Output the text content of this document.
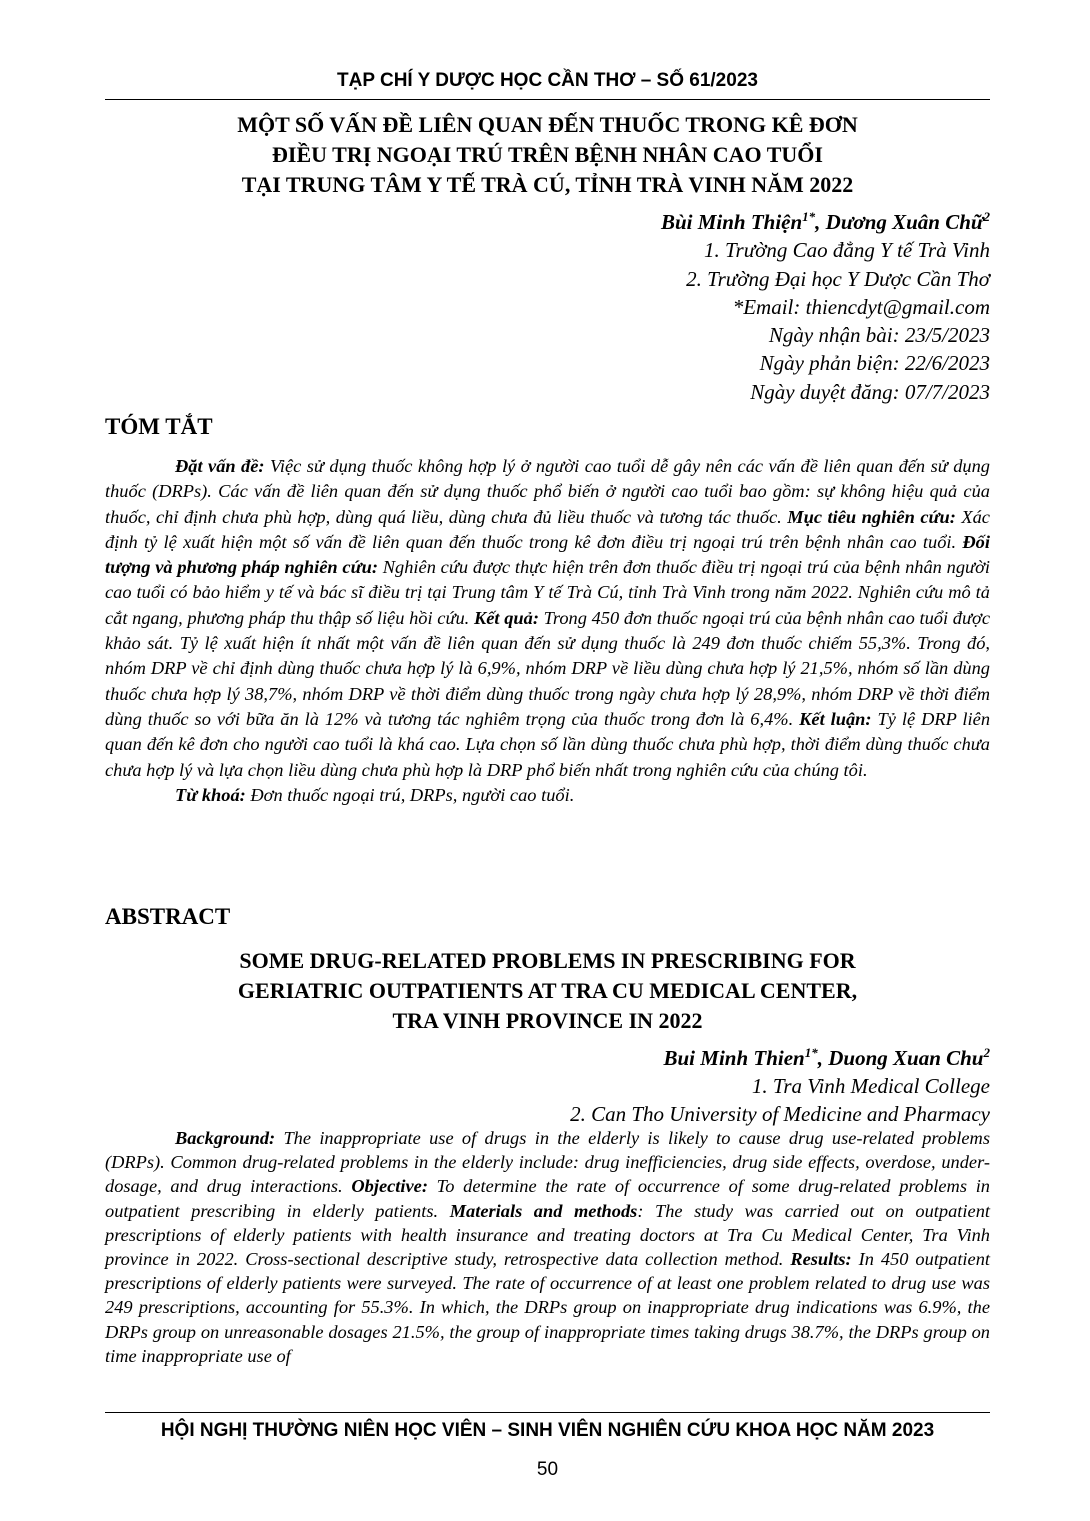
TẠP CHÍ Y DƯỢC HỌC CẦN THƠ – SỐ 61/2023
MỘT SỐ VẤN ĐỀ LIÊN QUAN ĐẾN THUỐC TRONG KÊ ĐƠN
ĐIỀU TRỊ NGOẠI TRÚ TRÊN BỆNH NHÂN CAO TUỔI
TẠI TRUNG TÂM Y TẾ TRÀ CÚ, TỈNH TRÀ VINH NĂM 2022
Bùi Minh Thiện$^{1*}$, Dương Xuân Chữ$^2$
1. Trường Cao đẳng Y tế Trà Vinh
2. Trường Đại học Y Dược Cần Thơ
*Email: thiencdyt@gmail.com
Ngày nhận bài: 23/5/2023
Ngày phản biện: 22/6/2023
Ngày duyệt đăng: 07/7/2023
TÓM TẮT

Đặt vấn đề: Việc sử dụng thuốc không hợp lý ở người cao tuổi dễ gây nên các vấn đề liên quan đến sử dụng thuốc (DRPs). Các vấn đề liên quan đến sử dụng thuốc phổ biến ở người cao tuổi bao gồm: sự không hiệu quả của thuốc, chỉ định chưa phù hợp, dùng quá liều, dùng chưa đủ liều thuốc và tương tác thuốc. Mục tiêu nghiên cứu: Xác định tỷ lệ xuất hiện một số vấn đề liên quan đến thuốc trong kê đơn điều trị ngoại trú trên bệnh nhân cao tuổi. Đối tượng và phương pháp nghiên cứu: Nghiên cứu được thực hiện trên đơn thuốc điều trị ngoại trú của bệnh nhân người cao tuổi có bảo hiểm y tế và bác sĩ điều trị tại Trung tâm Y tế Trà Cú, tỉnh Trà Vinh trong năm 2022. Nghiên cứu mô tả cắt ngang, phương pháp thu thập số liệu hồi cứu. Kết quả: Trong 450 đơn thuốc ngoại trú của bệnh nhân cao tuổi được khảo sát. Tỷ lệ xuất hiện ít nhất một vấn đề liên quan đến sử dụng thuốc là 249 đơn thuốc chiếm 55,3%. Trong đó, nhóm DRP về chỉ định dùng thuốc chưa hợp lý là 6,9%, nhóm DRP về liều dùng chưa hợp lý 21,5%, nhóm số lần dùng thuốc chưa hợp lý 38,7%, nhóm DRP về thời điểm dùng thuốc trong ngày chưa hợp lý 28,9%, nhóm DRP về thời điểm dùng thuốc so với bữa ăn là 12% và tương tác nghiêm trọng của thuốc trong đơn là 6,4%. Kết luận: Tỷ lệ DRP liên quan đến kê đơn cho người cao tuổi là khá cao. Lựa chọn số lần dùng thuốc chưa phù hợp, thời điểm dùng thuốc chưa chưa hợp lý và lựa chọn liều dùng chưa phù hợp là DRP phổ biến nhất trong nghiên cứu của chúng tôi.

Từ khoá: Đơn thuốc ngoại trú, DRPs, người cao tuổi.

ABSTRACT
SOME DRUG-RELATED PROBLEMS IN PRESCRIBING FOR
GERIATRIC OUTPATIENTS AT TRA CU MEDICAL CENTER,
TRA VINH PROVINCE IN 2022
Bui Minh Thien$^{1*}$, Duong Xuan Chu$^2$
1. Tra Vinh Medical College
2. Can Tho University of Medicine and Pharmacy

Background: The inappropriate use of drugs in the elderly is likely to cause drug use-related problems (DRPs). Common drug-related problems in the elderly include: drug inefficiencies, drug side effects, overdose, under-dosage, and drug interactions. Objective: To determine the rate of occurrence of some drug-related problems in outpatient prescribing in elderly patients. Materials and methods: The study was carried out on outpatient prescriptions of elderly patients with health insurance and treating doctors at Tra Cu Medical Center, Tra Vinh province in 2022. Cross-sectional descriptive study, retrospective data collection method. Results: In 450 outpatient prescriptions of elderly patients were surveyed. The rate of occurrence of at least one problem related to drug use was 249 prescriptions, accounting for 55.3%. In which, the DRPs group on inappropriate drug indications was 6.9%, the DRPs group on unreasonable dosages 21.5%, the group of inappropriate times taking drugs 38.7%, the DRPs group on time inappropriate use of

HỘI NGHỊ THƯỜNG NIÊN HỌC VIÊN – SINH VIÊN NGHIÊN CỨU KHOA HỌC NĂM 2023
50
